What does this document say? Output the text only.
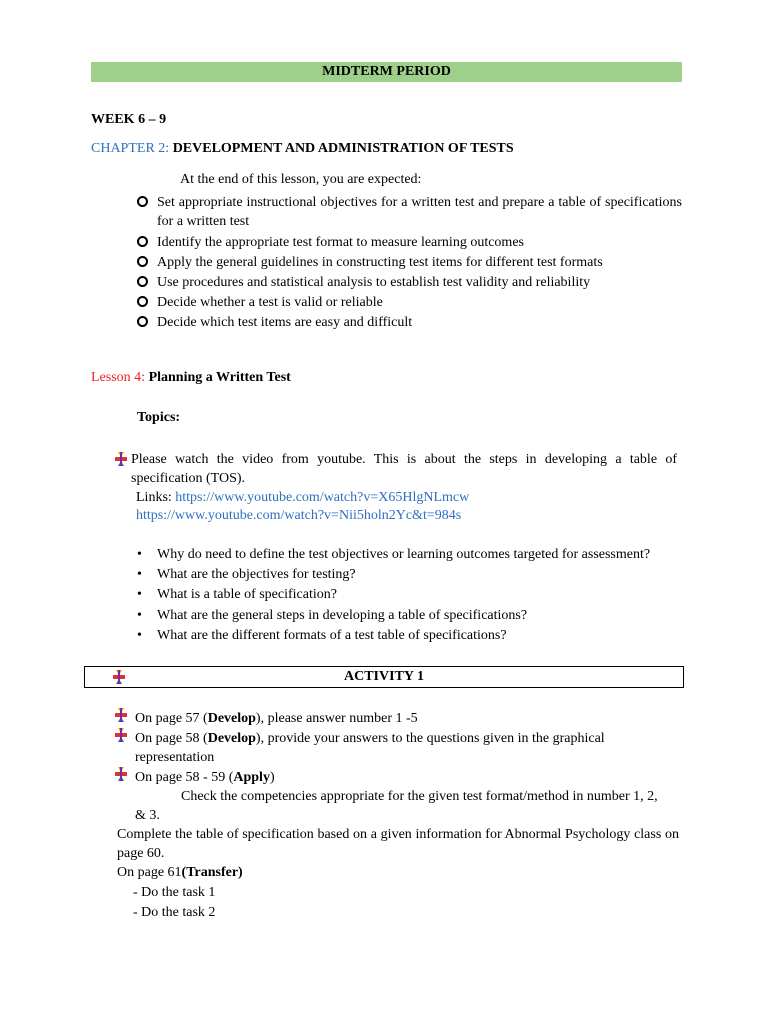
MIDTERM PERIOD
WEEK 6 – 9
CHAPTER 2: DEVELOPMENT AND ADMINISTRATION OF TESTS
At the end of this lesson, you are expected:
Set appropriate instructional objectives for a written test and prepare a table of specifications for a written test
Identify the appropriate test format to measure learning outcomes
Apply the general guidelines in constructing test items for different test formats
Use procedures and statistical analysis to establish test validity and reliability
Decide whether a test is valid or reliable
Decide which test items are easy and difficult
Lesson 4: Planning a Written Test
Topics:
Please watch the video from youtube. This is about the steps in developing a table of specification (TOS).
Links: https://www.youtube.com/watch?v=X65HlgNLmcw
https://www.youtube.com/watch?v=Nii5holn2Yc&t=984s
• Why do need to define the test objectives or learning outcomes targeted for assessment?
• What are the objectives for testing?
• What is a table of specification?
• What are the general steps in developing a table of specifications?
• What are the different formats of a test table of specifications?
ACTIVITY 1
On page 57 (Develop), please answer number 1 -5
On page 58 (Develop), provide your answers to the questions given in the graphical representation
On page 58 - 59 (Apply)
Check the competencies appropriate for the given test format/method in number 1, 2, & 3.
Complete the table of specification based on a given information for Abnormal Psychology class on page 60.
On page 61(Transfer)
- Do the task 1
- Do the task 2
